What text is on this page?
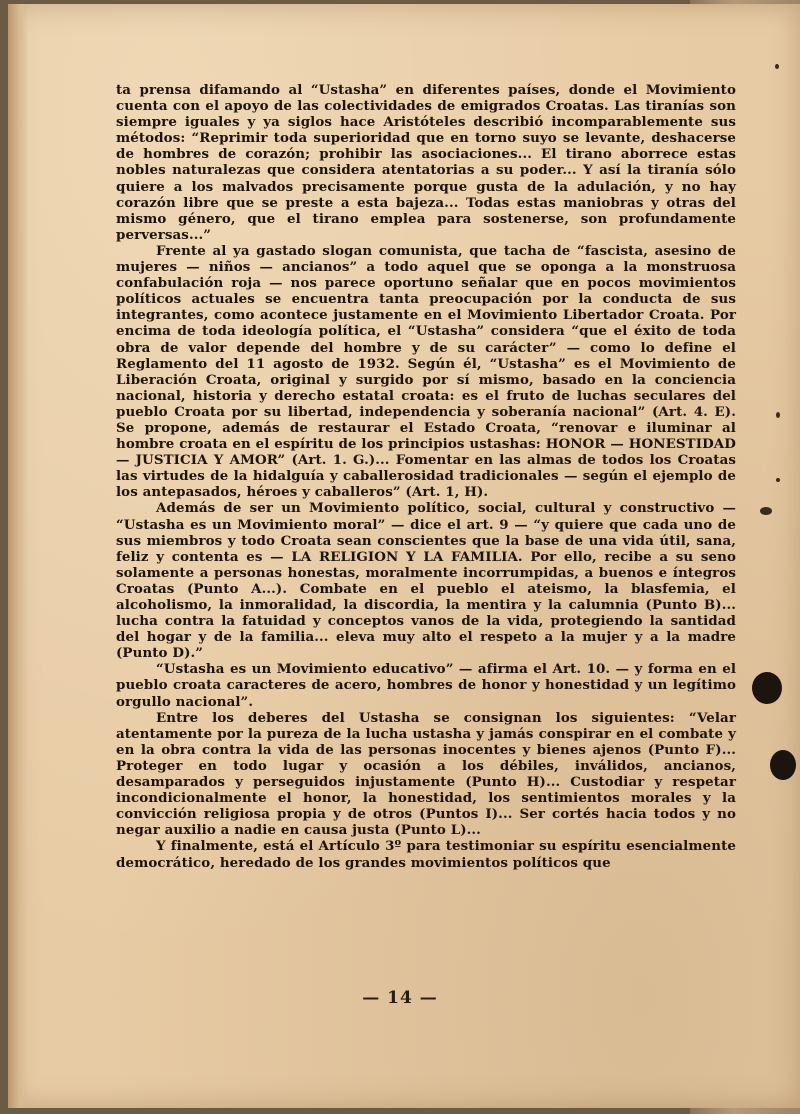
ta prensa difamando al “Ustasha” en diferentes países, donde el Movimiento cuenta con el apoyo de las colectividades de emigrados Croatas. Las tiranías son siempre iguales y ya siglos hace Aristóteles describió incomparablemente sus métodos: “Reprimir toda superioridad que en torno suyo se levante, deshacerse de hombres de corazón; prohibir las asociaciones... El tirano aborrece estas nobles naturalezas que considera atentatorias a su poder... Y así la tiranía sólo quiere a los malvados precisamente porque gusta de la adulación, y no hay corazón libre que se preste a esta bajeza... Todas estas maniobras y otras del mismo género, que el tirano emplea para sostenerse, son profundamente perversas...”

Frente al ya gastado slogan comunista, que tacha de “fascista, asesino de mujeres — niños — ancianos” a todo aquel que se oponga a la monstruosa confabulación roja — nos parece oportuno señalar que en pocos movimientos políticos actuales se encuentra tanta preocupación por la conducta de sus integrantes, como acontece justamente en el Movimiento Libertador Croata. Por encima de toda ideología política, el “Ustasha” considera “que el éxito de toda obra de valor depende del hombre y de su carácter” — como lo define el Reglamento del 11 agosto de 1932. Según él, “Ustasha” es el Movimiento de Liberación Croata, original y surgido por sí mismo, basado en la conciencia nacional, historia y derecho estatal croata: es el fruto de luchas seculares del pueblo Croata por su libertad, independencia y soberanía nacional” (Art. 4. E). Se propone, además de restaurar el Estado Croata, “renovar e iluminar al hombre croata en el espíritu de los principios ustashas: HONOR — HONESTIDAD — JUSTICIA Y AMOR” (Art. 1. G.)... Fomentar en las almas de todos los Croatas las virtudes de la hidalguía y caballerosidad tradicionales — según el ejemplo de los antepasados, héroes y caballeros” (Art. 1, H).

Además de ser un Movimiento político, social, cultural y constructivo — “Ustasha es un Movimiento moral” — dice el art. 9 — “y quiere que cada uno de sus miembros y todo Croata sean conscientes que la base de una vida útil, sana, feliz y contenta es — LA RELIGION Y LA FAMILIA. Por ello, recibe a su seno solamente a personas honestas, moralmente incorrumpidas, a buenos e íntegros Croatas (Punto A...). Combate en el pueblo el ateismo, la blasfemia, el alcoholismo, la inmoralidad, la discordia, la mentira y la calumnia (Punto B)... lucha contra la fatuidad y conceptos vanos de la vida, protegiendo la santidad del hogar y de la familia... eleva muy alto el respeto a la mujer y a la madre (Punto D).”

“Ustasha es un Movimiento educativo” — afirma el Art. 10. — y forma en el pueblo croata caracteres de acero, hombres de honor y honestidad y un legítimo orgullo nacional”.

Entre los deberes del Ustasha se consignan los siguientes: “Velar atentamente por la pureza de la lucha ustasha y jamás conspirar en el combate y en la obra contra la vida de las personas inocentes y bienes ajenos (Punto F)... Proteger en todo lugar y ocasión a los débiles, inválidos, ancianos, desamparados y perseguidos injustamente (Punto H)... Custodiar y respetar incondicionalmente el honor, la honestidad, los sentimientos morales y la convicción religiosa propia y de otros (Puntos I)... Ser cortés hacia todos y no negar auxilio a nadie en causa justa (Punto L)...

Y finalmente, está el Artículo 3º para testimoniar su espíritu esencialmente democrático, heredado de los grandes movimientos políticos que

— 14 —
